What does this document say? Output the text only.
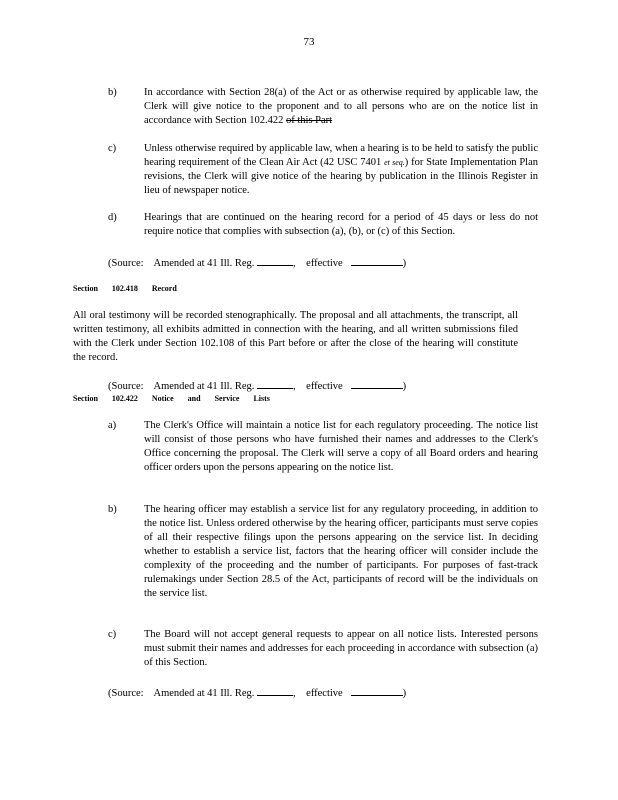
73
b)	In accordance with Section 28(a) of the Act or as otherwise required by applicable law, the Clerk will give notice to the proponent and to all persons who are on the notice list in accordance with Section 102.422 of this Part
c)	Unless otherwise required by applicable law, when a hearing is to be held to satisfy the public hearing requirement of the Clean Air Act (42 USC 7401 et seq.) for State Implementation Plan revisions, the Clerk will give notice of the hearing by publication in the Illinois Register in lieu of newspaper notice.
d)	Hearings that are continued on the hearing record for a period of 45 days or less do not require notice that complies with subsection (a), (b), or (c) of this Section.
(Source: Amended at 41 Ill. Reg.	, effective	)
Section 102.418 Record
All oral testimony will be recorded stenographically. The proposal and all attachments, the transcript, all written testimony, all exhibits admitted in connection with the hearing, and all written submissions filed with the Clerk under Section 102.108 of this Part before or after the close of the hearing will constitute the record.
(Source: Amended at 41 Ill. Reg.	, effective	)
Section 102.422 Notice and Service Lists
a)	The Clerk's Office will maintain a notice list for each regulatory proceeding. The notice list will consist of those persons who have furnished their names and addresses to the Clerk's Office concerning the proposal. The Clerk will serve a copy of all Board orders and hearing officer orders upon the persons appearing on the notice list.
b)	The hearing officer may establish a service list for any regulatory proceeding, in addition to the notice list. Unless ordered otherwise by the hearing officer, participants must serve copies of all their respective filings upon the persons appearing on the service list. In deciding whether to establish a service list, factors that the hearing officer will consider include the complexity of the proceeding and the number of participants. For purposes of fast-track rulemakings under Section 28.5 of the Act, participants of record will be the individuals on the service list.
c)	The Board will not accept general requests to appear on all notice lists. Interested persons must submit their names and addresses for each proceeding in accordance with subsection (a) of this Section.
(Source: Amended at 41 Ill. Reg.	, effective	)
